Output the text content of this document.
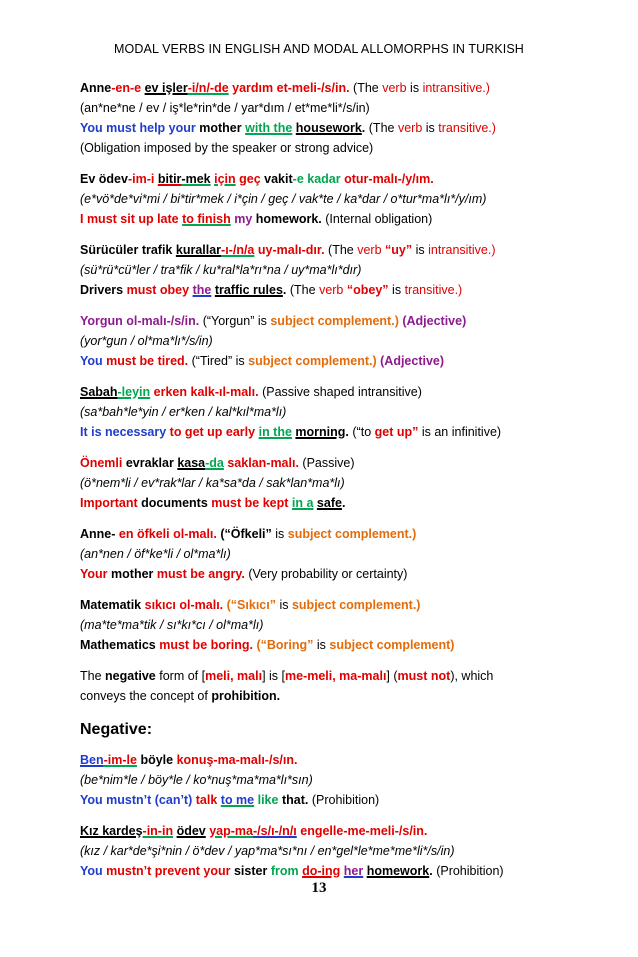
MODAL VERBS IN ENGLISH AND MODAL ALLOMORPHS IN TURKISH
Anne-en-e ev işler-i/n/-de yardım et-meli-/s/in. (The verb is intransitive.)
(an*ne*ne / ev / iş*le*rin*de / yar*dım / et*me*li*/s/in)
You must help your mother with the housework. (The verb is transitive.)
(Obligation imposed by the speaker or strong advice)
Ev ödev-im-i bitir-mek için geç vakit-e kadar otur-malı-/y/ım.
(e*vö*de*vi*mi / bi*tir*mek / i*çin / geç / vak*te / ka*dar / o*tur*ma*lı*/y/ım)
I must sit up late to finish my homework. (Internal obligation)
Sürücüler trafik kurallar-ı-/n/a uy-malı-dır. (The verb “uy” is intransitive.)
(sü*rü*cü*ler / tra*fik / ku*ral*la*rı*na / uy*ma*lı*dır)
Drivers must obey the traffic rules. (The verb “obey” is transitive.)
Yorgun ol-malı-/s/in. (“Yorgun” is subject complement.) (Adjective)
(yor*gun / ol*ma*lı*/s/in)
You must be tired. (“Tired” is subject complement.) (Adjective)
Sabah-leyin erken kalk-ıl-malı. (Passive shaped intransitive)
(sa*bah*le*yin / er*ken / kal*kıl*ma*lı)
It is necessary to get up early in the morning. (“to get up” is an infinitive)
Önemli evraklar kasa-da saklan-malı. (Passive)
(ö*nem*li / ev*rak*lar / ka*sa*da / sak*lan*ma*lı)
Important documents must be kept in a safe.
Anne- en öfkeli ol-malı. (“Öfkeli” is subject complement.)
(an*nen / öf*ke*li / ol*ma*lı)
Your mother must be angry. (Very probability or certainty)
Matematik sıkıcı ol-malı. (“Sıkıcı” is subject complement.)
(ma*te*ma*tik / sı*kı*cı / ol*ma*lı)
Mathematics must be boring. (“Boring” is subject complement)
The negative form of [meli, malı] is [me-meli, ma-malı] (must not), which
conveys the concept of prohibition.
Negative:
Ben-im-le böyle konuş-ma-malı-/s/ın.
(be*nim*le / böy*le / ko*nuş*ma*ma*lı*sın)
You mustn’t (can’t) talk to me like that. (Prohibition)
Kız kardeş-in-in ödev yap-ma-/s/ı-/n/ı engelle-me-meli-/s/in.
(kız / kar*de*şi*nin / ö*dev / yap*ma*sı*nı / en*gel*le*me*me*li*/s/in)
You mustn’t prevent your sister from do-ing her homework. (Prohibition)
13
